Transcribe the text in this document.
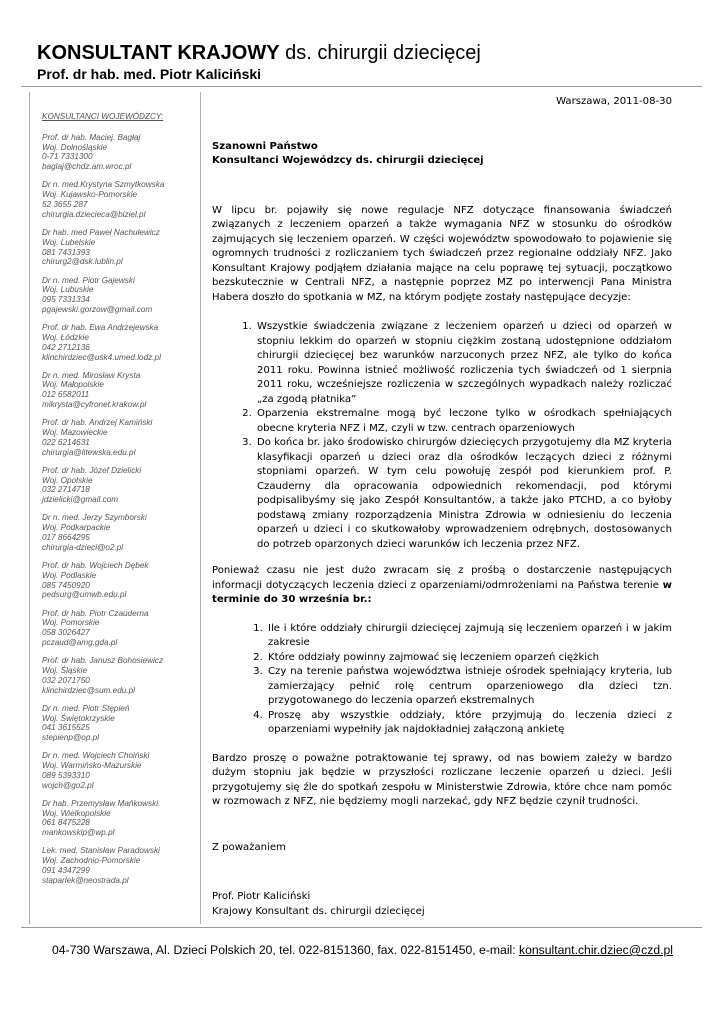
KONSULTANT KRAJOWY ds. chirurgii dziecięcej
Prof. dr hab. med. Piotr Kaliciński
KONSULTANCI WOJEWÓDZCY:
Prof. dr hab. Maciej. Bagłaj
Woj. Dolnośląskie
0-71 7331300
baglaj@chdz.am.wroc.pl
Dr n. med.Krystyna Szmytkowska
Woj. Kujawsko-Pomorskie
52 3655 287
chirurgia.dziecieca@biziel.pl
Dr hab. med Paweł Nachulewicz
Woj. Lubelskie
081 7431393
chirurg2@dsk.lublin.pl
Dr n. med. Piotr Gajewski
Woj. Lubuskie
095 7331334
pgajewski.gorzow@gmail.com
Prof. dr hab. Ewa Andrzejewska
Woj. Łódzkie
042 2712136
klinchirdziec@usk4.umed.lodz.pl
Dr n. med. Mirosław Krysta
Woj. Małopolskie
012 6582011
mikrysta@cyfronet.krakow.pl
Prof. dr hab. Andrzej Kamiński
Woj. Mazowieckie
022 6214631
chirurgia@litewska.edu.pl
Prof. dr hab. Józef Dzielicki
Woj. Opolskie
032 2714718
jdzielicki@gmail.com
Dr n. med. Jerzy Szymborski
Woj. Podkarpackie
017 8664295
chirurgia-dzieci@o2.pl
Prof. dr hab. Wojciech Dębek
Woj. Podlaskie
085 7450920
pedsurg@umwb.edu.pl
Prof. dr hab. Piotr Czauderna
Woj. Pomorskie
058 3026427
pczaud@amg.gda.pl
Prof. dr hab. Janusz Bohosiewicz
Woj. Śląskie
032 2071750
klinchirdziec@sum.edu.pl
Dr n. med. Piotr Stępień
Woj. Świętokrzyskie
041 3615525
stepienp@op.pl
Dr n. med. Wojciech Choiński
Woj. Warmińsko-Mazurskie
089 5393310
wojch@go2.pl
Dr hab. Przemysław Mańkowski.
Woj. Wielkopolskie
061 8475228
mankowskip@wp.pl
Lek. med. Stanisław Paradowski
Woj. Zachodnio-Pomorskie
091 4347299
staparlek@neostrada.pl
Warszawa, 2011-08-30
Szanowni Państwo
Konsultanci Wojewódzcy ds. chirurgii dziecięcej

W lipcu br. pojawiły się nowe regulacje NFZ dotyczące finansowania świadczeń związanych z leczeniem oparzeń a także wymagania NFZ w stosunku do ośrodków zajmujących się leczeniem oparzeń. W części województw spowodowało to pojawienie się ogromnych trudności z rozliczaniem tych świadczeń przez regionalne oddziały NFZ. Jako Konsultant Krajowy podjąłem działania mające na celu poprawę tej sytuacji, początkowo bezskutecznie w Centrali NFZ, a następnie poprzez MZ po interwencji Pana Ministra Habera doszło do spotkania w MZ, na którym podjęte zostały następujące decyzje:

1. Wszystkie świadczenia związane z leczeniem oparzeń u dzieci od oparzeń w stopniu lekkim do oparzeń w stopniu ciężkim zostaną udostępnione oddziałom chirurgii dziecięcej bez warunków narzuconych przez NFZ, ale tylko do końca 2011 roku. Powinna istnieć możliwość rozliczenia tych świadczeń od 1 sierpnia 2011 roku, wcześniejsze rozliczenia w szczególnych wypadkach należy rozliczać „za zgodą płatnika”
2. Oparzenia ekstremalne mogą być leczone tylko w ośrodkach spełniających obecne kryteria NFZ i MZ, czyli w tzw. centrach oparzeniowych
3. Do końca br. jako środowisko chirurgów dziecięcych przygotujemy dla MZ kryteria klasyfikacji oparzeń u dzieci oraz dla ośrodków leczących dzieci z różnymi stopniami oparzeń. W tym celu powołuję zespół pod kierunkiem prof. P. Czauderny dla opracowania odpowiednich rekomendacji, pod którymi podpisalibyśmy się jako Zespół Konsultantów, a także jako PTCHD, a co byłoby podstawą zmiany rozporządzenia Ministra Zdrowia w odniesieniu do leczenia oparzeń u dzieci i co skutkowałoby wprowadzeniem odrębnych, dostosowanych do potrzeb oparzonych dzieci warunków ich leczenia przez NFZ.

Ponieważ czasu nie jest dużo zwracam się z prośbą o dostarczenie następujących informacji dotyczących leczenia dzieci z oparzeniami/odmrożeniami na Państwa terenie w terminie do 30 września br.:

1. Ile i które oddziały chirurgii dziecięcej zajmują się leczeniem oparzeń i w jakim zakresie
2. Które oddziały powinny zajmować się leczeniem oparzeń ciężkich
3. Czy na terenie państwa województwa istnieje ośrodek spełniający kryteria, lub zamierzający pełnić rolę centrum oparzeniowego dla dzieci tzn. przygotowanego do leczenia oparzeń ekstremalnych
4. Proszę aby wszystkie oddziały, które przyjmują do leczenia dzieci z oparzeniami wypełniły jak najdokładniej załączoną ankietę

Bardzo proszę o poważne potraktowanie tej sprawy, od nas bowiem zależy w bardzo dużym stopniu jak będzie w przyszłości rozliczane leczenie oparzeń u dzieci. Jeśli przygotujemy się źle do spotkań zespołu w Ministerstwie Zdrowia, które chce nam pomóc w rozmowach z NFZ, nie będziemy mogli narzekać, gdy NFZ będzie czynił trudności.

Z poważaniem
Prof. Piotr Kaliciński
Krajowy Konsultant ds. chirurgii dziecięcej
04-730 Warszawa, Al. Dzieci Polskich 20, tel. 022-8151360, fax. 022-8151450, e-mail: konsultant.chir.dziec@czd.pl
